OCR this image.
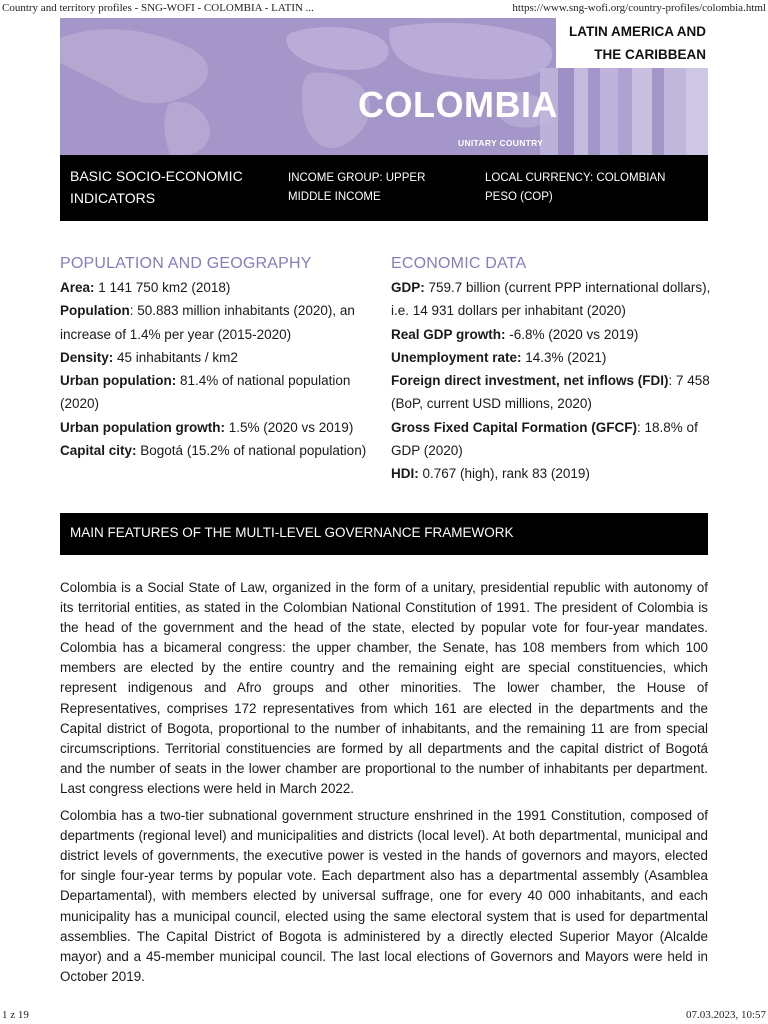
Country and territory profiles - SNG-WOFI - COLOMBIA - LATIN ...	https://www.sng-wofi.org/country-profiles/colombia.html
LATIN AMERICA AND
THE CARIBBEAN
COLOMBIA
UNITARY COUNTRY
BASIC SOCIO-ECONOMIC INDICATORS
INCOME GROUP: UPPER MIDDLE INCOME
LOCAL CURRENCY: COLOMBIAN PESO (COP)
POPULATION AND GEOGRAPHY

Area: 1 141 750 km2 (2018)

Population: 50.883 million inhabitants (2020), an increase of 1.4% per year (2015-2020)

Density: 45 inhabitants / km2

Urban population: 81.4% of national population (2020)

Urban population growth: 1.5% (2020 vs 2019)

Capital city: Bogotá (15.2% of national population)

ECONOMIC DATA

GDP: 759.7 billion (current PPP international dollars), i.e. 14 931 dollars per inhabitant (2020)

Real GDP growth: -6.8% (2020 vs 2019)

Unemployment rate: 14.3% (2021)

Foreign direct investment, net inflows (FDI): 7 458 (BoP, current USD millions, 2020)

Gross Fixed Capital Formation (GFCF): 18.8% of GDP (2020)

HDI: 0.767 (high), rank 83 (2019)

MAIN FEATURES OF THE MULTI-LEVEL GOVERNANCE FRAMEWORK

Colombia is a Social State of Law, organized in the form of a unitary, presidential republic with autonomy of its territorial entities, as stated in the Colombian National Constitution of 1991. The president of Colombia is the head of the government and the head of the state, elected by popular vote for four-year mandates. Colombia has a bicameral congress: the upper chamber, the Senate, has 108 members from which 100 members are elected by the entire country and the remaining eight are special constituencies, which represent indigenous and Afro groups and other minorities. The lower chamber, the House of Representatives, comprises 172 representatives from which 161 are elected in the departments and the Capital district of Bogota, proportional to the number of inhabitants, and the remaining 11 are from special circumscriptions. Territorial constituencies are formed by all departments and the capital district of Bogotá and the number of seats in the lower chamber are proportional to the number of inhabitants per department. Last congress elections were held in March 2022.

Colombia has a two-tier subnational government structure enshrined in the 1991 Constitution, composed of departments (regional level) and municipalities and districts (local level). At both departmental, municipal and district levels of governments, the executive power is vested in the hands of governors and mayors, elected for single four-year terms by popular vote. Each department also has a departmental assembly (Asamblea Departamental), with members elected by universal suffrage, one for every 40 000 inhabitants, and each municipality has a municipal council, elected using the same electoral system that is used for departmental assemblies. The Capital District of Bogota is administered by a directly elected Superior Mayor (Alcalde mayor) and a 45-member municipal council. The last local elections of Governors and Mayors were held in October 2019.

1 z 19	07.03.2023, 10:57
